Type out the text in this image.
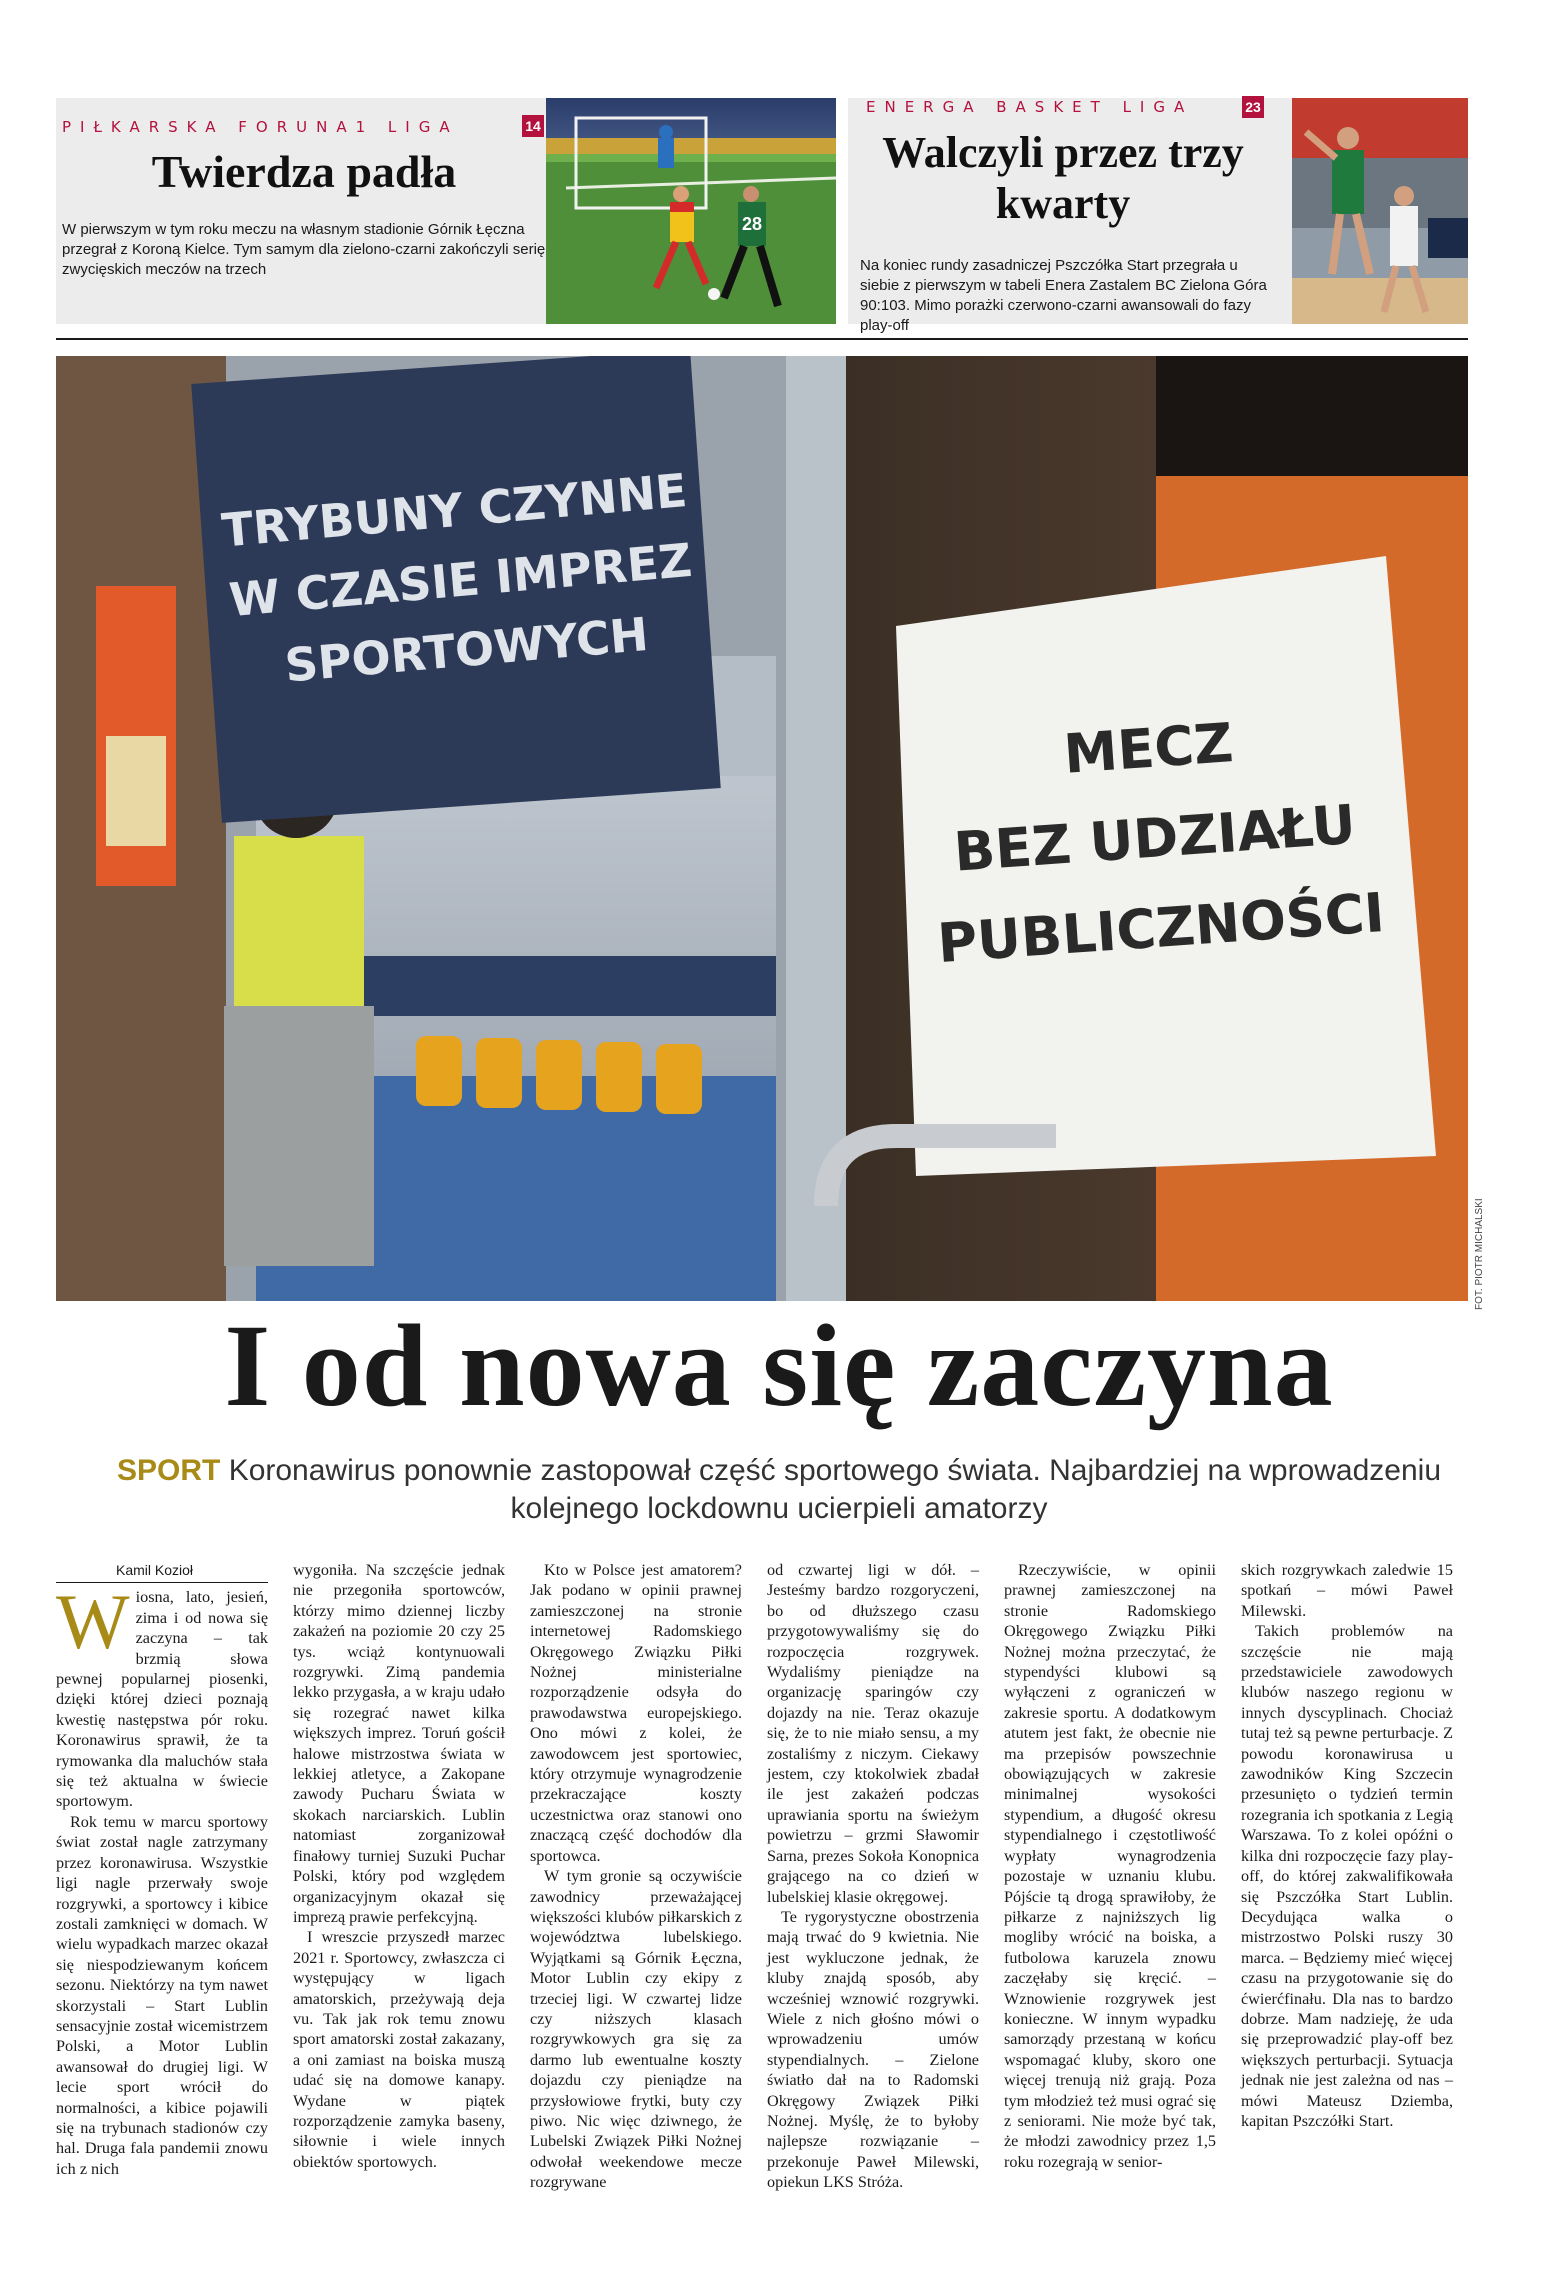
PIŁKARSKA FORUNA1 LIGA	14
Twierdza padła
W pierwszym w tym roku meczu na własnym stadionie Górnik Łęczna przegrał z Koroną Kielce. Tym samym dla zielono-czarni zakończyli serię zwycięskich meczów na trzech
28
ENERGA BASKET LIGA	23
Walczyli przez trzy kwarty
Na koniec rundy zasadniczej Pszczółka Start przegrała u siebie z pierwszym w tabeli Enera Zastalem BC Zielona Góra 90:103. Mimo porażki czerwono-czarni awansowali do fazy play-off
TRYBUNY CZYNNE
W CZASIE IMPREZ
SPORTOWYCH
MECZ
BEZ UDZIAŁU
PUBLICZNOŚCI
FOT. PIOTR MICHALSKI
I od nowa się zaczyna
SPORT Koronawirus ponownie zastopował część sportowego świata. Najbardziej na wprowadzeniu kolejnego lockdownu ucierpieli amatorzy
Kamil Kozioł

Wiosna, lato, jesień, zima i od nowa się zaczyna – tak brzmią słowa pewnej popularnej piosenki, dzięki której dzieci poznają kwestię następstwa pór roku. Koronawirus sprawił, że ta rymowanka dla maluchów stała się też aktualna w świecie sportowym.

Rok temu w marcu sportowy świat został nagle zatrzymany przez koronawirusa. Wszystkie ligi nagle przerwały swoje rozgrywki, a sportowcy i kibice zostali zamknięci w domach. W wielu wypadkach marzec okazał się niespodziewanym końcem sezonu. Niektórzy na tym nawet skorzystali – Start Lublin sensacyjnie został wicemistrzem Polski, a Motor Lublin awansował do drugiej ligi. W lecie sport wrócił do normalności, a kibice pojawili się na trybunach stadionów czy hal. Druga fala pandemii znowu ich z nich

wygoniła. Na szczęście jednak nie przegoniła sportowców, którzy mimo dziennej liczby zakażeń na poziomie 20 czy 25 tys. wciąż kontynuowali rozgrywki. Zimą pandemia lekko przygasła, a w kraju udało się rozegrać nawet kilka większych imprez. Toruń gościł halowe mistrzostwa świata w lekkiej atletyce, a Zakopane zawody Pucharu Świata w skokach narciarskich. Lublin natomiast zorganizował finałowy turniej Suzuki Puchar Polski, który pod względem organizacyjnym okazał się imprezą prawie perfekcyjną.

I wreszcie przyszedł marzec 2021 r. Sportowcy, zwłaszcza ci występujący w ligach amatorskich, przeżywają deja vu. Tak jak rok temu znowu sport amatorski został zakazany, a oni zamiast na boiska muszą udać się na domowe kanapy. Wydane w piątek rozporządzenie zamyka baseny, siłownie i wiele innych obiektów sportowych.

Kto w Polsce jest amatorem? Jak podano w opinii prawnej zamieszczonej na stronie internetowej Radomskiego Okręgowego Związku Piłki Nożnej ministerialne rozporządzenie odsyła do prawodawstwa europejskiego. Ono mówi z kolei, że zawodowcem jest sportowiec, który otrzymuje wynagrodzenie przekraczające koszty uczestnictwa oraz stanowi ono znaczącą część dochodów dla sportowca.

W tym gronie są oczywiście zawodnicy przeważającej większości klubów piłkarskich z województwa lubelskiego. Wyjątkami są Górnik Łęczna, Motor Lublin czy ekipy z trzeciej ligi. W czwartej lidze czy niższych klasach rozgrywkowych gra się za darmo lub ewentualne koszty dojazdu czy pieniądze na przysłowiowe frytki, buty czy piwo. Nic więc dziwnego, że Lubelski Związek Piłki Nożnej odwołał weekendowe mecze rozgrywane

od czwartej ligi w dół. – Jesteśmy bardzo rozgoryczeni, bo od dłuższego czasu przygotowywaliśmy się do rozpoczęcia rozgrywek. Wydaliśmy pieniądze na organizację sparingów czy dojazdy na nie. Teraz okazuje się, że to nie miało sensu, a my zostaliśmy z niczym. Ciekawy jestem, czy ktokolwiek zbadał ile jest zakażeń podczas uprawiania sportu na świeżym powietrzu – grzmi Sławomir Sarna, prezes Sokoła Konopnica grającego na co dzień w lubelskiej klasie okręgowej.

Te rygorystyczne obostrzenia mają trwać do 9 kwietnia. Nie jest wykluczone jednak, że kluby znajdą sposób, aby wcześniej wznowić rozgrywki. Wiele z nich głośno mówi o wprowadzeniu umów stypendialnych. – Zielone światło dał na to Radomski Okręgowy Związek Piłki Nożnej. Myślę, że to byłoby najlepsze rozwiązanie – przekonuje Paweł Milewski, opiekun LKS Stróża.

Rzeczywiście, w opinii prawnej zamieszczonej na stronie Radomskiego Okręgowego Związku Piłki Nożnej można przeczytać, że stypendyści klubowi są wyłączeni z ograniczeń w zakresie sportu. A dodatkowym atutem jest fakt, że obecnie nie ma przepisów powszechnie obowiązujących w zakresie minimalnej wysokości stypendium, a długość okresu stypendialnego i częstotliwość wypłaty wynagrodzenia pozostaje w uznaniu klubu. Pójście tą drogą sprawiłoby, że piłkarze z najniższych lig mogliby wrócić na boiska, a futbolowa karuzela znowu zaczęłaby się kręcić. – Wznowienie rozgrywek jest konieczne. W innym wypadku samorządy przestaną w końcu wspomagać kluby, skoro one więcej trenują niż grają. Poza tym młodzież też musi ograć się z seniorami. Nie może być tak, że młodzi zawodnicy przez 1,5 roku rozegrają w senior-

skich rozgrywkach zaledwie 15 spotkań – mówi Paweł Milewski.

Takich problemów na szczęście nie mają przedstawiciele zawodowych klubów naszego regionu w innych dyscyplinach. Chociaż tutaj też są pewne perturbacje. Z powodu koronawirusa u zawodników King Szczecin przesunięto o tydzień termin rozegrania ich spotkania z Legią Warszawa. To z kolei opóźni o kilka dni rozpoczęcie fazy play-off, do której zakwalifikowała się Pszczółka Start Lublin. Decydująca walka o mistrzostwo Polski ruszy 30 marca. – Będziemy mieć więcej czasu na przygotowanie się do ćwierćfinału. Dla nas to bardzo dobrze. Mam nadzieję, że uda się przeprowadzić play-off bez większych perturbacji. Sytuacja jednak nie jest zależna od nas – mówi Mateusz Dziemba, kapitan Pszczółki Start.
